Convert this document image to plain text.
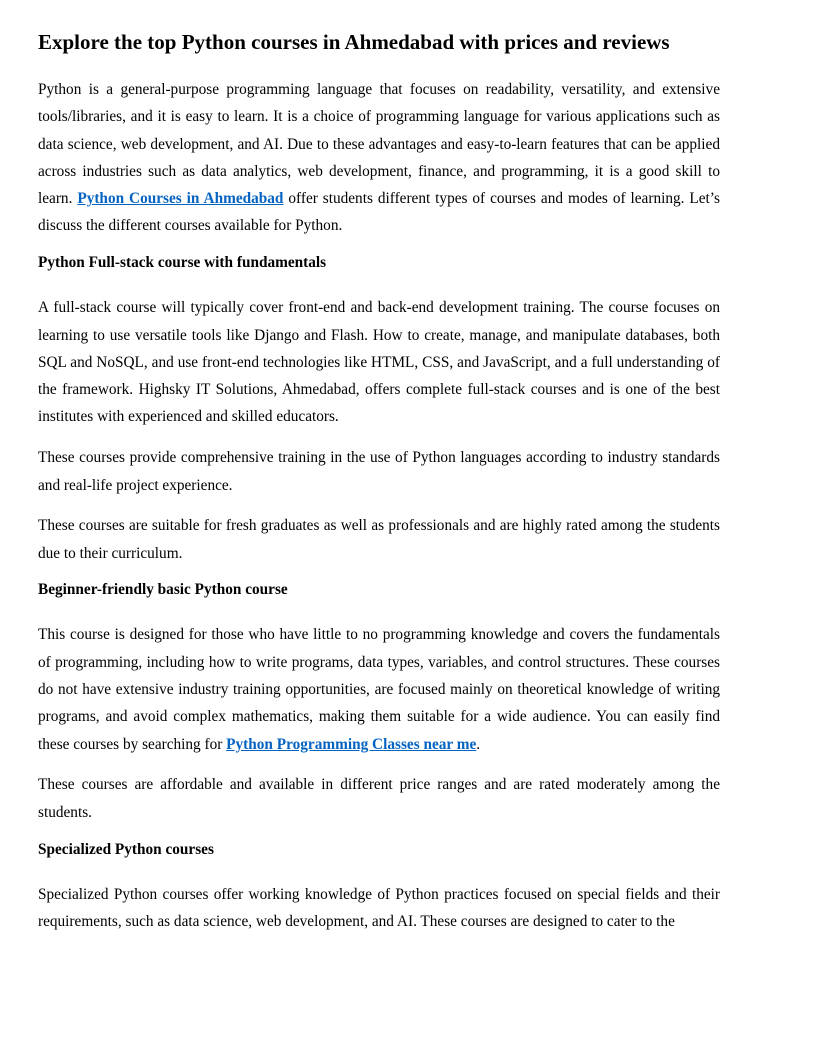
Explore the top Python courses in Ahmedabad with prices and reviews

Python is a general-purpose programming language that focuses on readability, versatility, and extensive tools/libraries, and it is easy to learn. It is a choice of programming language for various applications such as data science, web development, and AI. Due to these advantages and easy-to-learn features that can be applied across industries such as data analytics, web development, finance, and programming, it is a good skill to learn. Python Courses in Ahmedabad offer students different types of courses and modes of learning. Let’s discuss the different courses available for Python.

Python Full-stack course with fundamentals

A full-stack course will typically cover front-end and back-end development training. The course focuses on learning to use versatile tools like Django and Flash. How to create, manage, and manipulate databases, both SQL and NoSQL, and use front-end technologies like HTML, CSS, and JavaScript, and a full understanding of the framework. Highsky IT Solutions, Ahmedabad, offers complete full-stack courses and is one of the best institutes with experienced and skilled educators.

These courses provide comprehensive training in the use of Python languages according to industry standards and real-life project experience.

These courses are suitable for fresh graduates as well as professionals and are highly rated among the students due to their curriculum.

Beginner-friendly basic Python course

This course is designed for those who have little to no programming knowledge and covers the fundamentals of programming, including how to write programs, data types, variables, and control structures. These courses do not have extensive industry training opportunities, are focused mainly on theoretical knowledge of writing programs, and avoid complex mathematics, making them suitable for a wide audience. You can easily find these courses by searching for Python Programming Classes near me.

These courses are affordable and available in different price ranges and are rated moderately among the students.

Specialized Python courses

Specialized Python courses offer working knowledge of Python practices focused on special fields and their requirements, such as data science, web development, and AI. These courses are designed to cater to the
